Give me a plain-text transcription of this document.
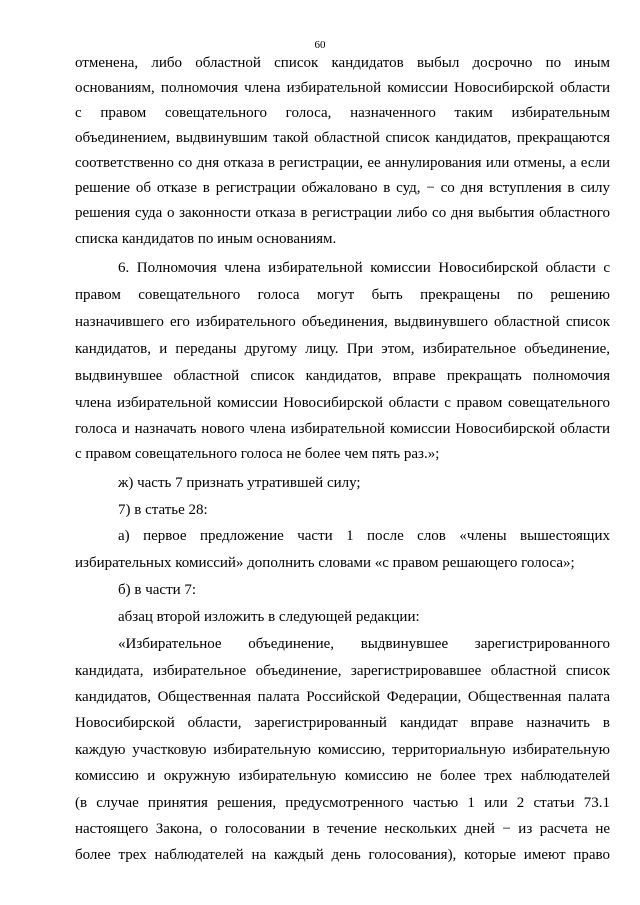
60
отменена, либо областной список кандидатов выбыл досрочно по иным
основаниям, полномочия члена избирательной комиссии Новосибирской области
с правом совещательного голоса, назначенного таким избирательным
объединением, выдвинувшим такой областной список кандидатов, прекращаются
соответственно со дня отказа в регистрации, ее аннулирования или отмены, а если
решение об отказе в регистрации обжаловано в суд, − со дня вступления в силу
решения суда о законности отказа в регистрации либо со дня выбытия областного
списка кандидатов по иным основаниям.
6. Полномочия члена избирательной комиссии Новосибирской области с
правом совещательного голоса могут быть прекращены по решению
назначившего его избирательного объединения, выдвинувшего областной список
кандидатов, и переданы другому лицу. При этом, избирательное объединение,
выдвинувшее областной список кандидатов, вправе прекращать полномочия
члена избирательной комиссии Новосибирской области с правом совещательного
голоса и назначать нового члена избирательной комиссии Новосибирской области
с правом совещательного голоса не более чем пять раз.»;
ж) часть 7 признать утратившей силу;
7) в статье 28:
а) первое предложение части 1 после слов «члены вышестоящих
избирательных комиссий» дополнить словами «с правом решающего голоса»;
б) в части 7:
абзац второй изложить в следующей редакции:
«Избирательное объединение, выдвинувшее зарегистрированного
кандидата, избирательное объединение, зарегистрировавшее областной список
кандидатов, Общественная палата Российской Федерации, Общественная палата
Новосибирской области, зарегистрированный кандидат вправе назначить в
каждую участковую избирательную комиссию, территориальную избирательную
комиссию и окружную избирательную комиссию не более трех наблюдателей
(в случае принятия решения, предусмотренного частью 1 или 2 статьи 73.1
настоящего Закона, о голосовании в течение нескольких дней − из расчета не
более трех наблюдателей на каждый день голосования), которые имеют право
